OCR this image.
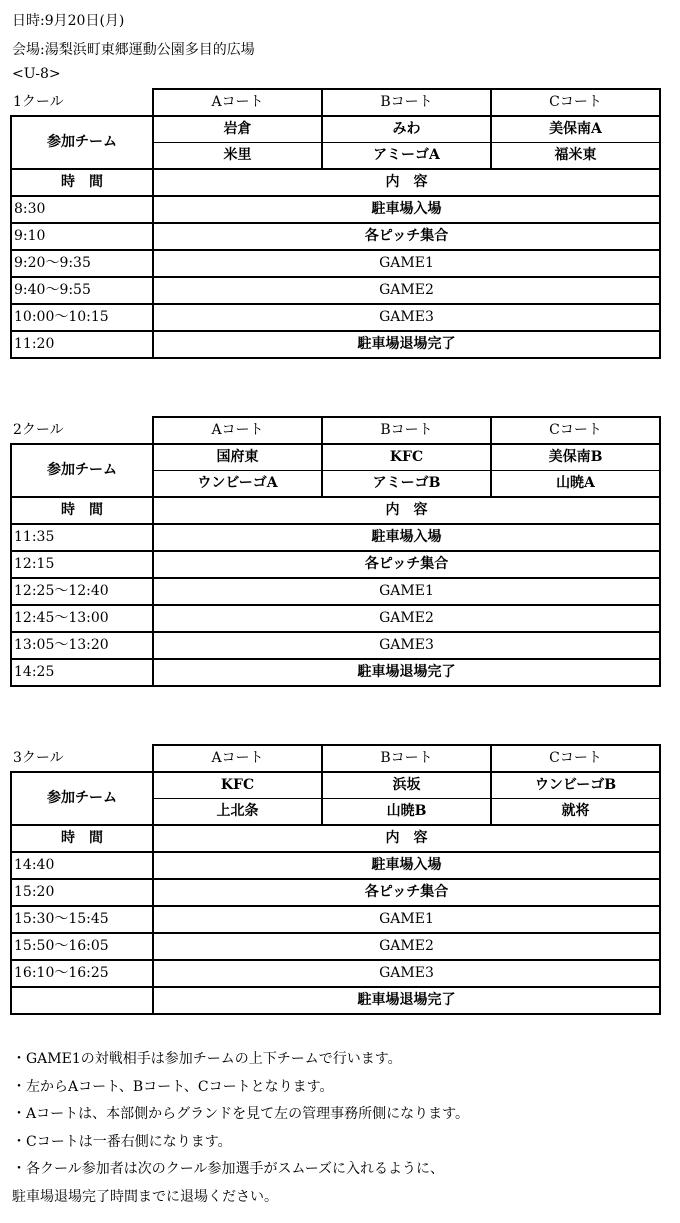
日時:9月20日(月)
会場:湯梨浜町東郷運動公園多目的広場
<U-8>
1クール	Aコート	Bコート	Cコート
参加チーム	岩倉	みわ	美保南A
	米里	アミーゴA	福米東
時　間	内　容		
8:30	駐車場入場		
9:10	各ピッチ集合		
9:20～9:35	GAME1		
9:40～9:55	GAME2		
10:00～10:15	GAME3		
11:20	駐車場退場完了		
2クール	Aコート	Bコート	Cコート
参加チーム	国府東	KFC	美保南B
	ウンビーゴA	アミーゴB	山暁A
時　間	内　容		
11:35	駐車場入場		
12:15	各ピッチ集合		
12:25～12:40	GAME1		
12:45～13:00	GAME2		
13:05～13:20	GAME3		
14:25	駐車場退場完了		
3クール	Aコート	Bコート	Cコート
参加チーム	KFC	浜坂	ウンビーゴB
	上北条	山暁B	就将
時　間	内　容		
14:40	駐車場入場		
15:20	各ピッチ集合		
15:30～15:45	GAME1		
15:50～16:05	GAME2		
16:10～16:25	GAME3		
	駐車場退場完了		
・GAME1の対戦相手は参加チームの上下チームで行います。
・左からAコート、Bコート、Cコートとなります。
・Aコートは、本部側からグランドを見て左の管理事務所側になります。
・Cコートは一番右側になります。
・各クール参加者は次のクール参加選手がスムーズに入れるように、
駐車場退場完了時間までに退場ください。
